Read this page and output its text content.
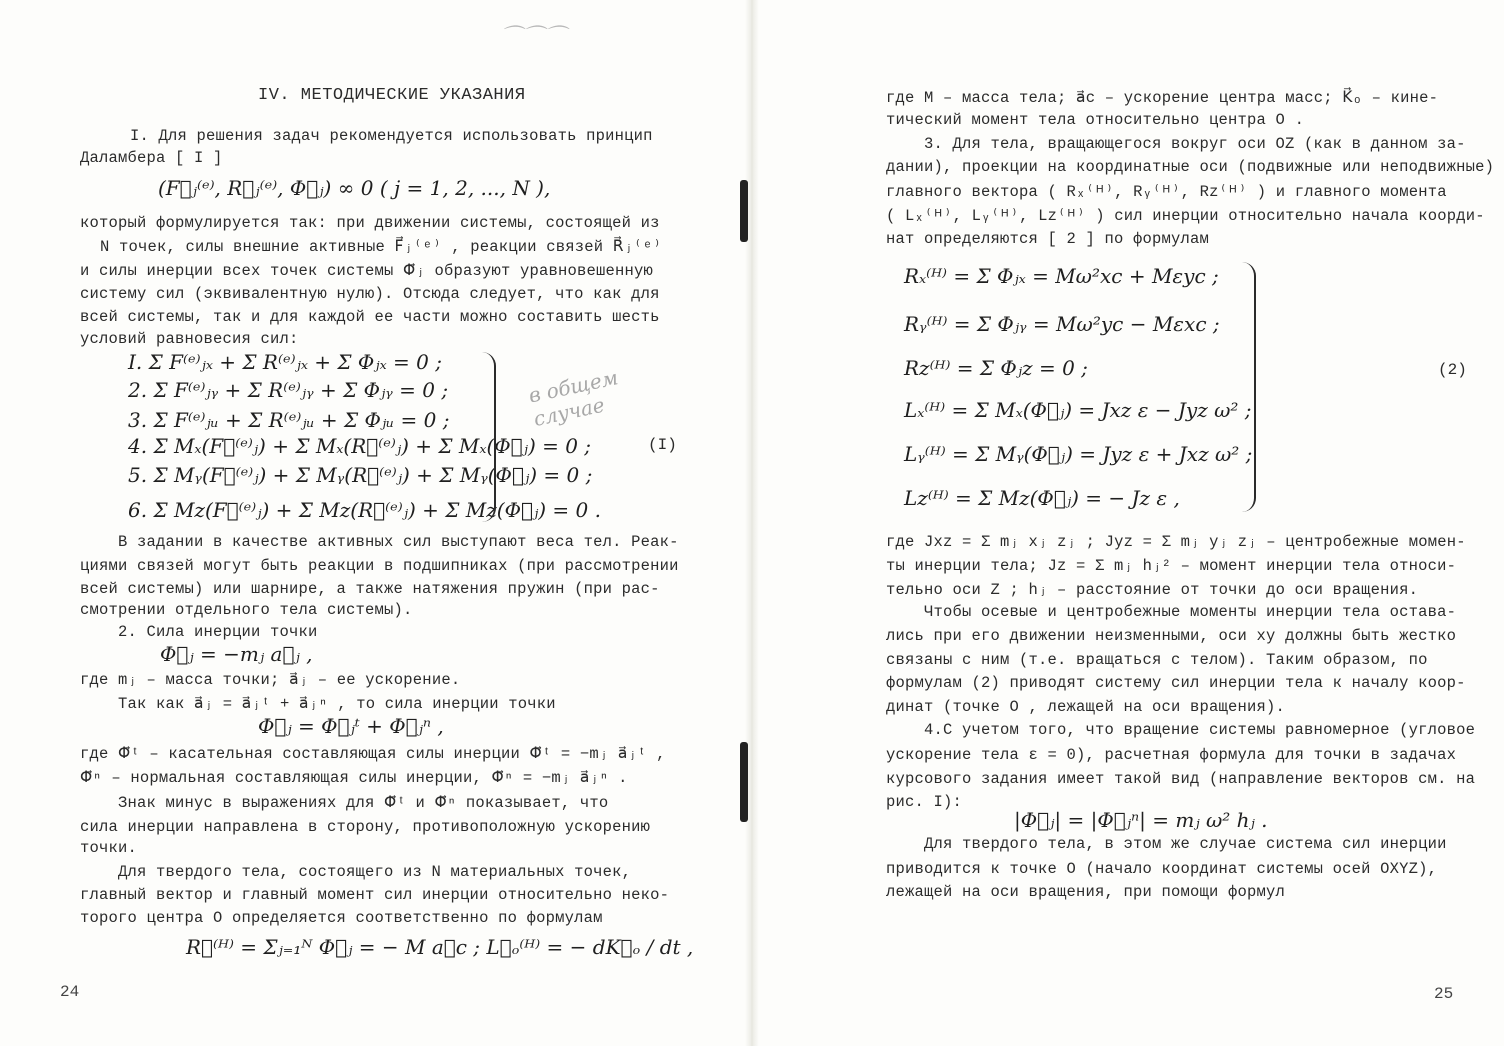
⌒⌒⌒
IV. МЕТОДИЧЕСКИЕ УКАЗАНИЯ
I. Для решения задач рекомендуется использовать принцип
Даламбера [ I ]
(F⃗ⱼ⁽ᵉ⁾, R⃗ⱼ⁽ᵉ⁾, Φ⃗ⱼ) ∞ 0 ( j = 1, 2, ..., N ),
который формулируется так: при движении системы, состоящей из
N точек, силы внешние активные F⃗ⱼ⁽ᵉ⁾ , реакции связей R⃗ⱼ⁽ᵉ⁾
и силы инерции всех точек системы Φ⃗ⱼ образуют уравновешенную
систему сил (эквивалентную нулю). Отсюда следует, что как для
всей системы, так и для каждой ее части можно составить шесть
условий равновесия сил:
I. Σ F⁽ᵉ⁾ⱼₓ + Σ R⁽ᵉ⁾ⱼₓ + Σ Φⱼₓ = 0 ;
2. Σ F⁽ᵉ⁾ⱼᵧ + Σ R⁽ᵉ⁾ⱼᵧ + Σ Φⱼᵧ = 0 ;
3. Σ F⁽ᵉ⁾ⱼᵤ + Σ R⁽ᵉ⁾ⱼᵤ + Σ Φⱼᵤ = 0 ;
4. Σ Mₓ(F⃗⁽ᵉ⁾ⱼ) + Σ Mₓ(R⃗⁽ᵉ⁾ⱼ) + Σ Mₓ(Φ⃗ⱼ) = 0 ;
5. Σ Mᵧ(F⃗⁽ᵉ⁾ⱼ) + Σ Mᵧ(R⃗⁽ᵉ⁾ⱼ) + Σ Mᵧ(Φ⃗ⱼ) = 0 ;
6. Σ Mz(F⃗⁽ᵉ⁾ⱼ) + Σ Mz(R⃗⁽ᵉ⁾ⱼ) + Σ Mz(Φ⃗ⱼ) = 0 .
(I)
в общем случае
В задании в качестве активных сил выступают веса тел. Реак-
циями связей могут быть реакции в подшипниках (при рассмотрении
всей системы) или шарнире, а также натяжения пружин (при рас-
смотрении отдельного тела системы).
2. Сила инерции точки
Φ⃗ⱼ = −mⱼ a⃗ⱼ ,
где mⱼ – масса точки; a⃗ⱼ – ее ускорение.
Так как a⃗ⱼ = a⃗ⱼᵗ + a⃗ⱼⁿ , то сила инерции точки
Φ⃗ⱼ = Φ⃗ⱼᵗ + Φ⃗ⱼⁿ ,
где Φ⃗ᵗ – касательная составляющая силы инерции Φ⃗ᵗ = −mⱼ a⃗ⱼᵗ ,
Φ⃗ⁿ – нормальная составляющая силы инерции, Φ⃗ⁿ = −mⱼ a⃗ⱼⁿ .
Знак минус в выражениях для Φ⃗ᵗ и Φ⃗ⁿ показывает, что
сила инерции направлена в сторону, противоположную ускорению
точки.
Для твердого тела, состоящего из N материальных точек,
главный вектор и главный момент сил инерции относительно неко-
торого центра O определяется соответственно по формулам
R⃗⁽ᴴ⁾ = Σⱼ₌₁ᴺ Φ⃗ⱼ = − M a⃗c ; L⃗ₒ⁽ᴴ⁾ = − dK⃗ₒ / dt ,
24
где M – масса тела; a⃗c – ускорение центра масс; K⃗ₒ – кине-
тический момент тела относительно центра O .
3. Для тела, вращающегося вокруг оси OZ (как в данном за-
дании), проекции на координатные оси (подвижные или неподвижные)
главного вектора ( Rₓ⁽ᴴ⁾, Rᵧ⁽ᴴ⁾, Rz⁽ᴴ⁾ ) и главного момента
( Lₓ⁽ᴴ⁾, Lᵧ⁽ᴴ⁾, Lz⁽ᴴ⁾ ) сил инерции относительно начала коорди-
нат определяются [ 2 ] по формулам
Rₓ⁽ᴴ⁾ = Σ Φⱼₓ = Mω²xc + Mεyc ;
Rᵧ⁽ᴴ⁾ = Σ Φⱼᵧ = Mω²yc − Mεxc ;
Rz⁽ᴴ⁾ = Σ Φⱼz = 0 ;
Lₓ⁽ᴴ⁾ = Σ Mₓ(Φ⃗ⱼ) = Jxz ε − Jyz ω² ;
Lᵧ⁽ᴴ⁾ = Σ Mᵧ(Φ⃗ⱼ) = Jyz ε + Jxz ω² ;
Lz⁽ᴴ⁾ = Σ Mz(Φ⃗ⱼ) = − Jz ε ,
(2)
где Jxz = Σ mⱼ xⱼ zⱼ ; Jyz = Σ mⱼ yⱼ zⱼ – центробежные момен-
ты инерции тела; Jz = Σ mⱼ hⱼ² – момент инерции тела относи-
тельно оси Z ; hⱼ – расстояние от точки до оси вращения.
Чтобы осевые и центробежные моменты инерции тела остава-
лись при его движении неизменными, оси xy должны быть жестко
связаны с ним (т.е. вращаться с телом). Таким образом, по
формулам (2) приводят систему сил инерции тела к началу коор-
динат (точке O , лежащей на оси вращения).
4.С учетом того, что вращение системы равномерное (угловое
ускорение тела ε = 0), расчетная формула для точки в задачах
курсового задания имеет такой вид (направление векторов см. на
рис. I):
|Φ⃗ⱼ| = |Φ⃗ⱼⁿ| = mⱼ ω² hⱼ .
Для твердого тела, в этом же случае система сил инерции
приводится к точке O (начало координат системы осей OXYZ),
лежащей на оси вращения, при помощи формул
25
